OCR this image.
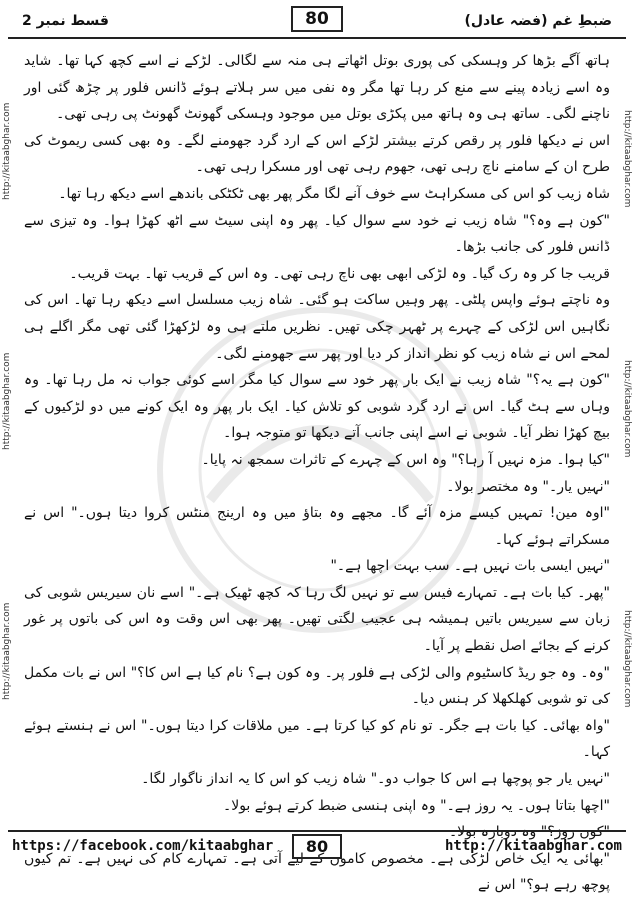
قسط نمبر 2	80	ضبطِ غم (فضہ عادل)
http://kitaabghar.com
http://kitaabghar.com
http://kitaabghar.com
http://kitaabghar.com
http://kitaabghar.com
http://kitaabghar.com

ہاتھ آگے بڑھا کر وہسکی کی پوری بوتل اٹھاتے ہی منہ سے لگالی۔ لڑکے نے اسے کچھ کہا تھا۔ شاید وہ اسے زیادہ پینے سے منع کر رہا تھا مگر وہ نفی میں سر ہلاتے ہوئے ڈانس فلور پر چڑھ گئی اور ناچنے لگی۔ ساتھ ہی وہ ہاتھ میں پکڑی بوتل میں موجود وہسکی گھونٹ گھونٹ پی رہی تھی۔

اس نے دیکھا فلور پر رقص کرتے بیشتر لڑکے اس کے ارد گرد جھومنے لگے۔ وہ بھی کسی ریموٹ کی طرح ان کے سامنے ناچ رہی تھی، جھوم رہی تھی اور مسکرا رہی تھی۔

شاہ زیب کو اس کی مسکراہٹ سے خوف آنے لگا مگر پھر بھی ٹکٹکی باندھے اسے دیکھ رہا تھا۔

"کون ہے وہ؟" شاہ زیب نے خود سے سوال کیا۔ پھر وہ اپنی سیٹ سے اٹھ کھڑا ہوا۔ وہ تیزی سے ڈانس فلور کی جانب بڑھا۔

قریب جا کر وہ رک گیا۔ وہ لڑکی ابھی بھی ناچ رہی تھی۔ وہ اس کے قریب تھا۔ بہت قریب۔

وہ ناچتے ہوئے واپس پلٹی۔ پھر وہیں ساکت ہو گئی۔ شاہ زیب مسلسل اسے دیکھ رہا تھا۔ اس کی نگاہیں اس لڑکی کے چہرے پر ٹھہر چکی تھیں۔ نظریں ملتے ہی وہ لڑکھڑا گئی تھی مگر اگلے ہی لمحے اس نے شاہ زیب کو نظر انداز کر دیا اور پھر سے جھومنے لگی۔

"کون ہے یہ؟" شاہ زیب نے ایک بار پھر خود سے سوال کیا مگر اسے کوئی جواب نہ مل رہا تھا۔ وہ وہاں سے ہٹ گیا۔ اس نے ارد گرد شوبی کو تلاش کیا۔ ایک بار پھر وہ ایک کونے میں دو لڑکیوں کے بیچ کھڑا نظر آیا۔ شوبی نے اسے اپنی جانب آتے دیکھا تو متوجہ ہوا۔

"کیا ہوا۔ مزہ نہیں آ رہا؟" وہ اس کے چہرے کے تاثرات سمجھ نہ پایا۔

"نہیں یار۔" وہ مختصر بولا۔

"اوہ مین! تمہیں کیسے مزہ آئے گا۔ مجھے وہ بتاؤ میں وہ ارینج منٹس کروا دیتا ہوں۔" اس نے مسکراتے ہوئے کہا۔

"نہیں ایسی بات نہیں ہے۔ سب بہت اچھا ہے۔"

"پھر۔ کیا بات ہے۔ تمہارے فیس سے تو نہیں لگ رہا کہ کچھ ٹھیک ہے۔" اسے نان سیریس شوبی کی زبان سے سیریس باتیں ہمیشہ ہی عجیب لگتی تھیں۔ پھر بھی اس وقت وہ اس کی باتوں پر غور کرنے کے بجائے اصل نقطے پر آیا۔

"وہ۔ وہ جو ریڈ کاسٹیوم والی لڑکی ہے فلور پر۔ وہ کون ہے؟ نام کیا ہے اس کا؟" اس نے بات مکمل کی تو شوبی کھلکھلا کر ہنس دیا۔

"واہ بھائی۔ کیا بات ہے جگر۔ تو نام کو کیا کرتا ہے۔ میں ملاقات کرا دیتا ہوں۔" اس نے ہنستے ہوئے کہا۔

"نہیں یار جو پوچھا ہے اس کا جواب دو۔" شاہ زیب کو اس کا یہ انداز ناگوار لگا۔

"اچھا بتاتا ہوں۔ یہ روز ہے۔" وہ اپنی ہنسی ضبط کرتے ہوئے بولا۔

"کون روز؟" وہ دوبارہ بولا۔

"بھائی یہ ایک خاص لڑکی ہے۔ مخصوص کاموں کے لیے آتی ہے۔ تمہارے کام کی نہیں ہے۔ تم کیوں پوچھ رہے ہو؟" اس نے

https://facebook.com/kitaabghar	80	http://kitaabghar.com
